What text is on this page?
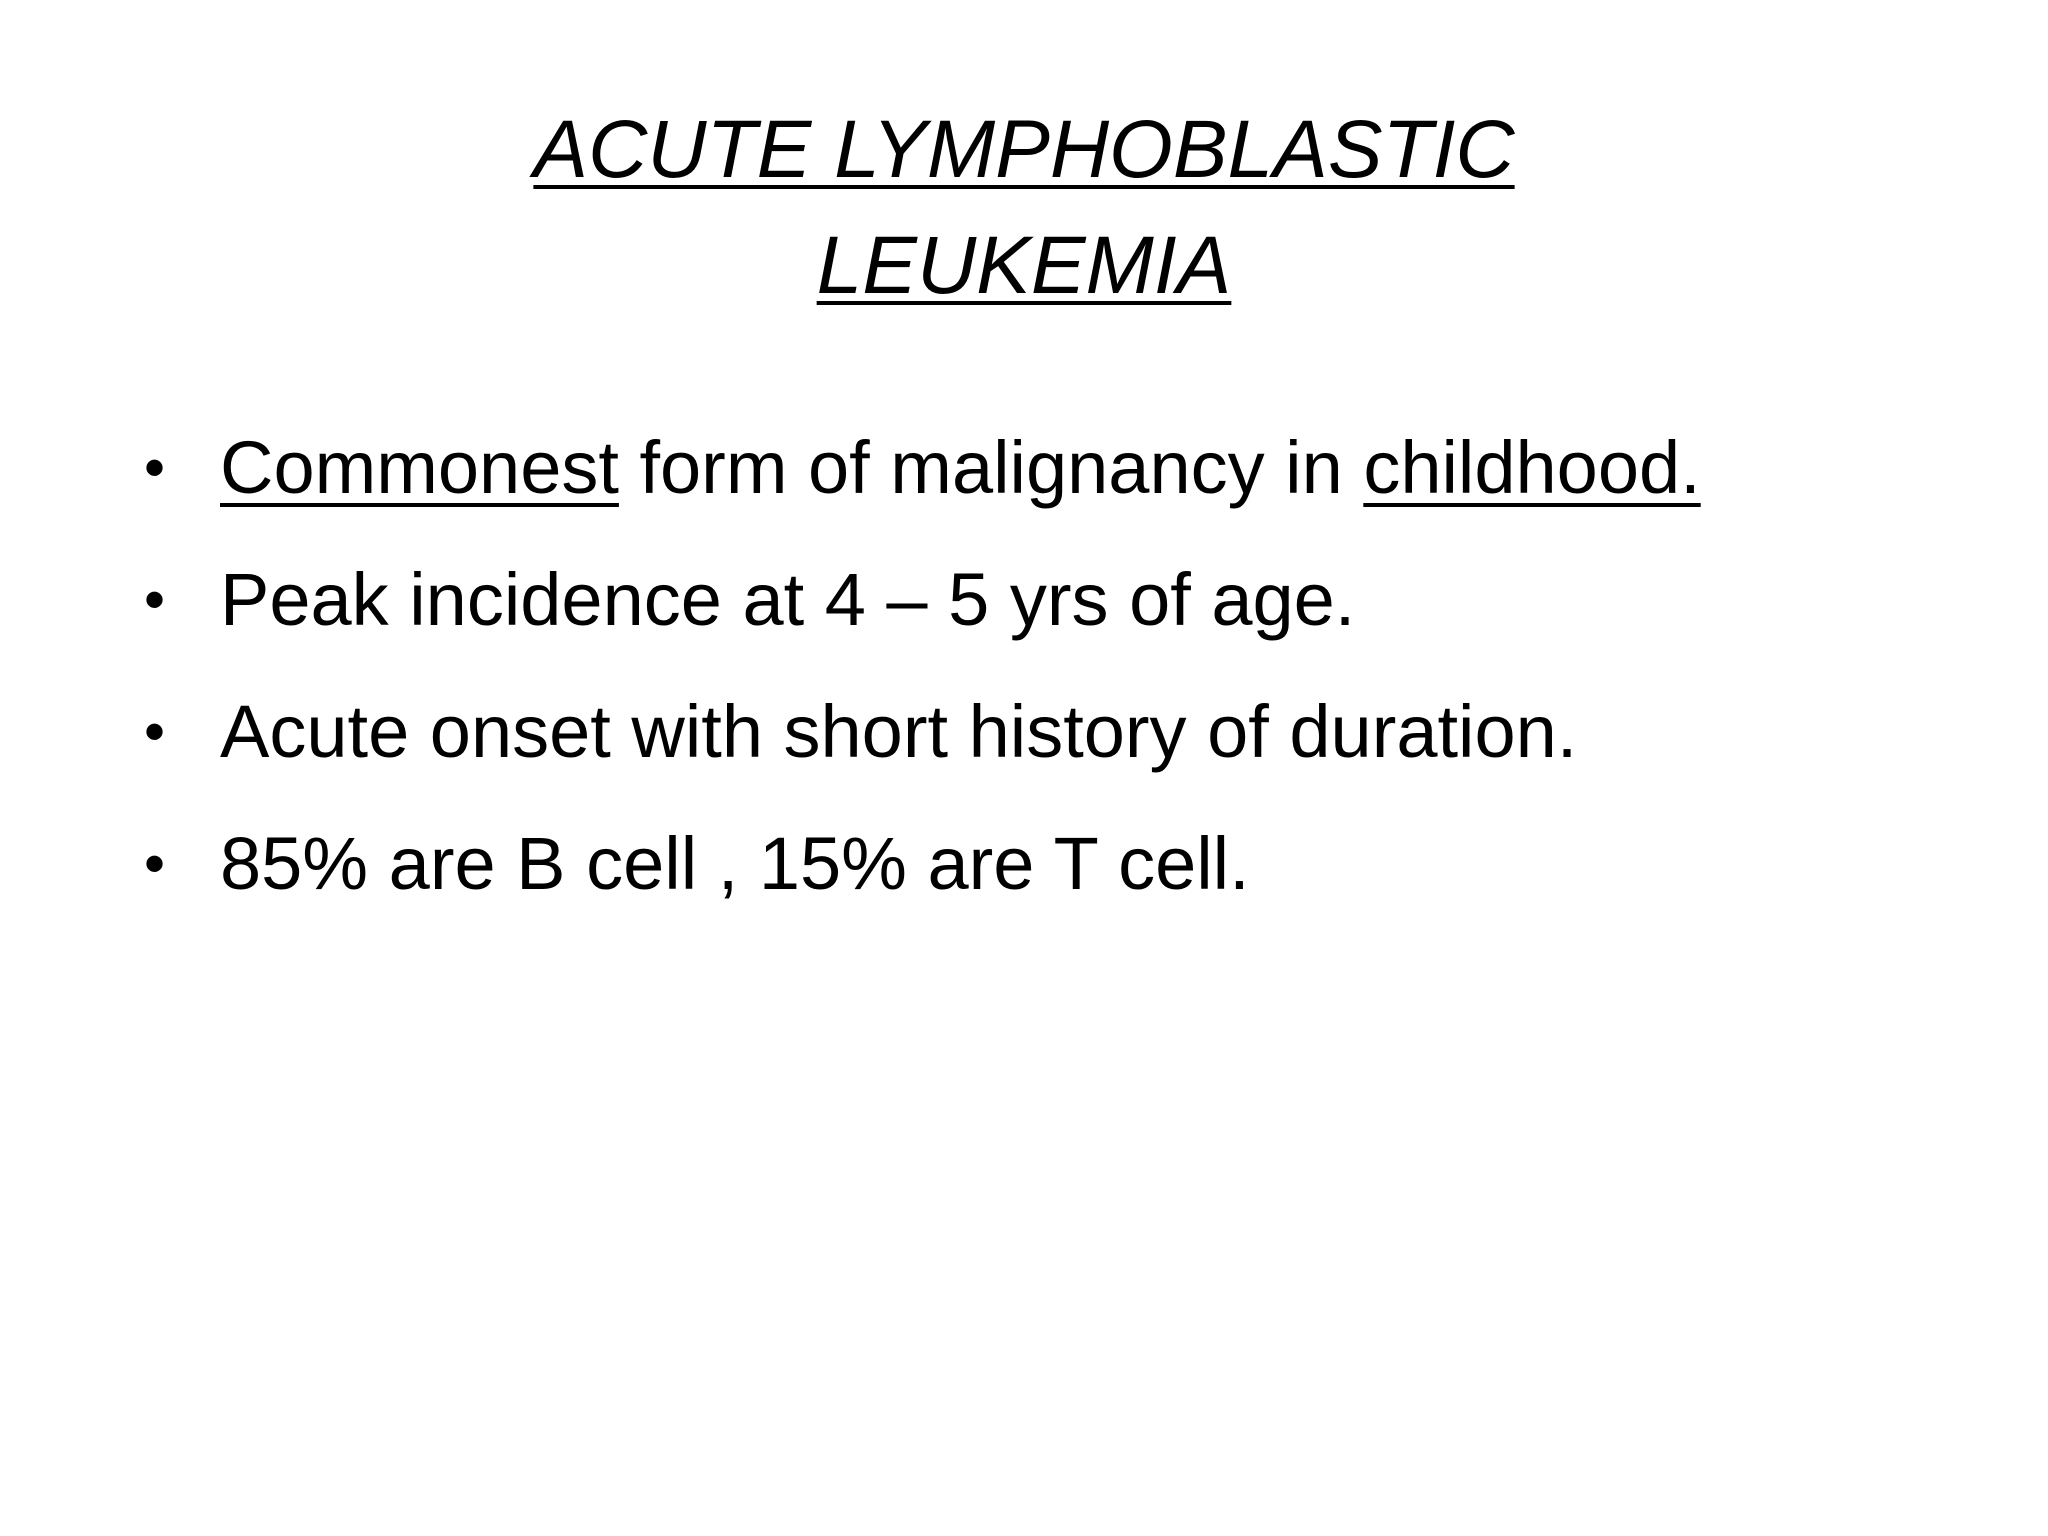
ACUTE LYMPHOBLASTIC
LEUKEMIA
• Commonest form of malignancy in childhood.
• Peak incidence at 4 – 5 yrs of age.
• Acute onset with short history of duration.
• 85% are B cell , 15% are T cell.
